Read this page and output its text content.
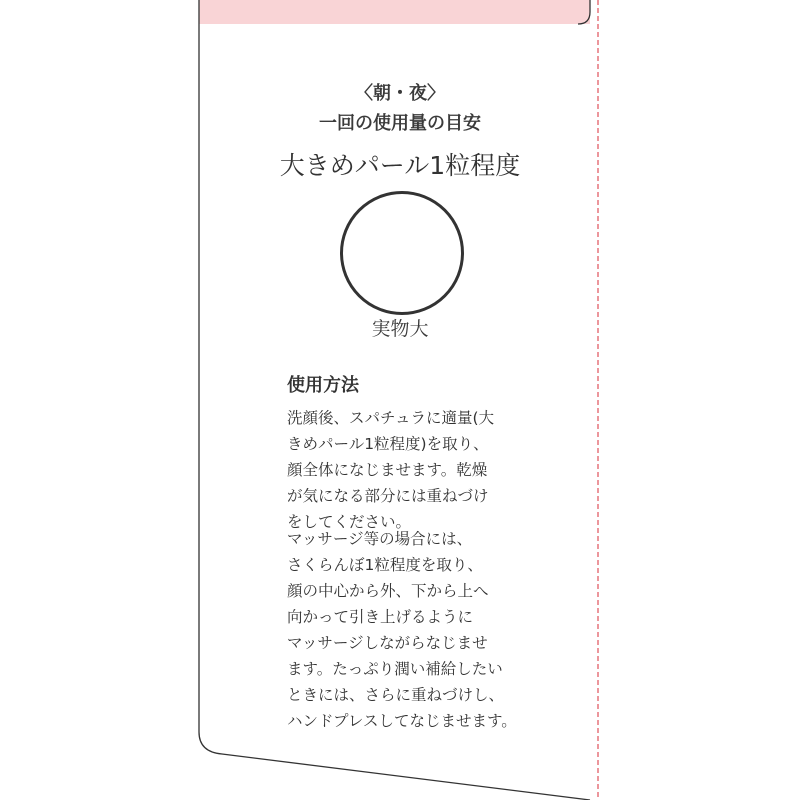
〈朝・夜〉
一回の使用量の目安
大きめパール1粒程度
実物大
使用方法
洗顔後、スパチュラに適量(大
きめパール1粒程度)を取り、
顔全体になじませます。乾燥
が気になる部分には重ねづけ
をしてください。
マッサージ等の場合には、
さくらんぼ1粒程度を取り、
顔の中心から外、下から上へ
向かって引き上げるように
マッサージしながらなじませ
ます。たっぷり潤い補給したい
ときには、さらに重ねづけし、
ハンドプレスしてなじませます。
